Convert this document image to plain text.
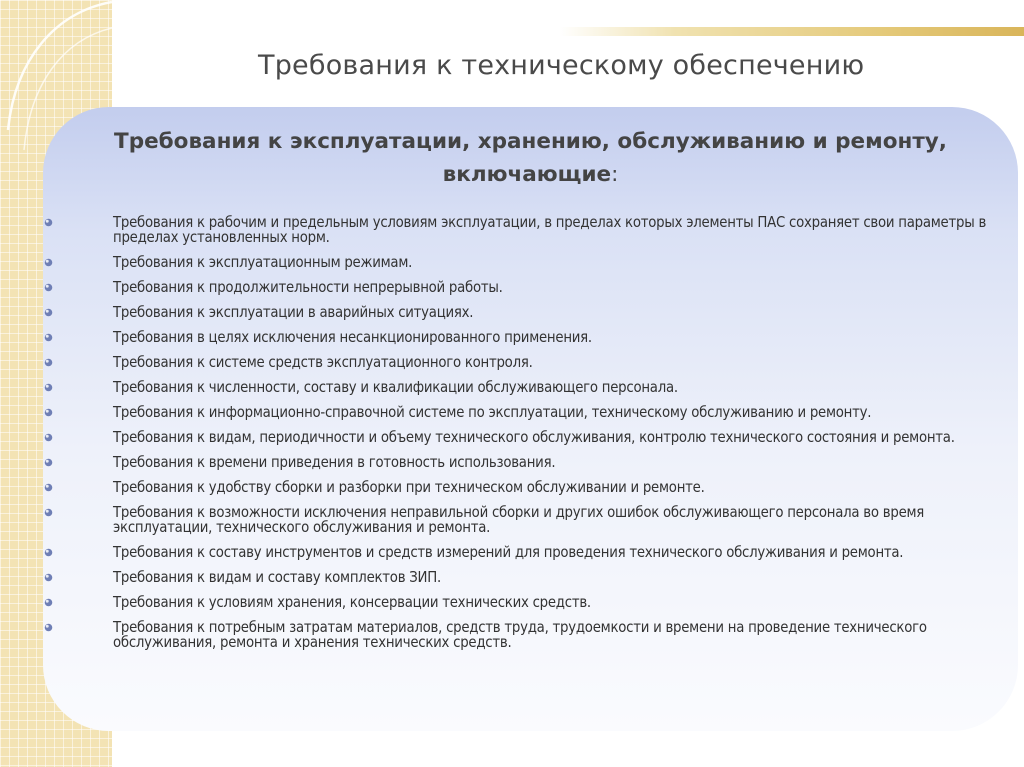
Требования к техническому обеспечению
Требования к эксплуатации, хранению, обслуживанию и ремонту,
включающие:
Требования к рабочим и предельным условиям эксплуатации, в пределах которых элементы ПАС сохраняет свои параметры в пределах установленных норм.
Требования к эксплуатационным режимам.
Требования к продолжительности непрерывной работы.
Требования к эксплуатации в аварийных ситуациях.
Требования в целях исключения несанкционированного применения.
Требования к системе средств эксплуатационного контроля.
Требования к численности, составу и квалификации обслуживающего персонала.
Требования к информационно-справочной системе по эксплуатации, техническому обслуживанию и ремонту.
Требования к видам, периодичности и объему технического обслуживания, контролю технического состояния и ремонта.
Требования к времени приведения в готовность использования.
Требования к удобству сборки и разборки при техническом обслуживании и ремонте.
Требования к возможности исключения неправильной сборки и других ошибок обслуживающего персонала во время эксплуатации, технического обслуживания и ремонта.
Требования к составу инструментов и средств измерений для проведения технического обслуживания и ремонта.
Требования к видам и составу комплектов ЗИП.
Требования к условиям хранения, консервации технических средств.
Требования к потребным затратам материалов, средств труда, трудоемкости и времени на проведение технического обслуживания, ремонта и хранения технических средств.
